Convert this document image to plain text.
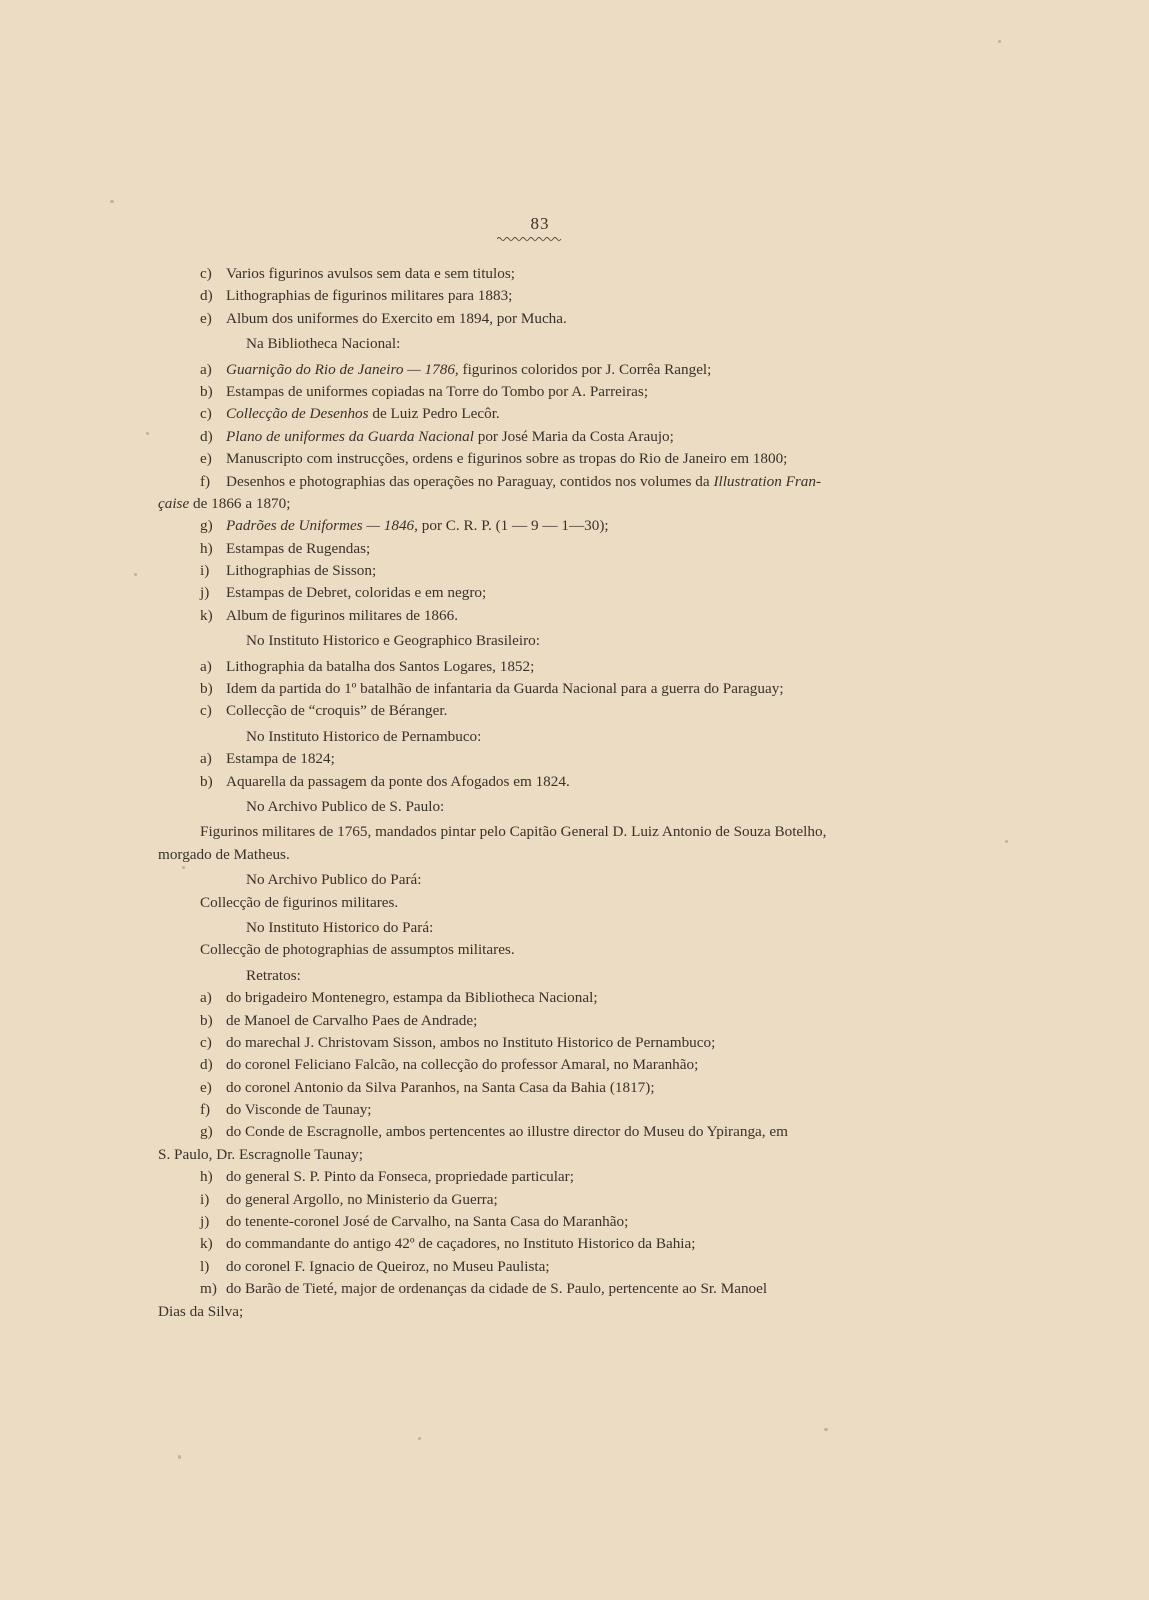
83
c) Varios figurinos avulsos sem data e sem titulos;
d) Lithographias de figurinos militares para 1883;
e) Album dos uniformes do Exercito em 1894, por Mucha.
Na Bibliotheca Nacional:
a) Guarnição do Rio de Janeiro — 1786, figurinos coloridos por J. Corrêa Rangel;
b) Estampas de uniformes copiadas na Torre do Tombo por A. Parreiras;
c) Collecção de Desenhos de Luiz Pedro Lecôr.
d) Plano de uniformes da Guarda Nacional por José Maria da Costa Araujo;
e) Manuscripto com instrucções, ordens e figurinos sobre as tropas do Rio de Janeiro em 1800;
f) Desenhos e photographias das operações no Paraguay, contidos nos volumes da Illustration Fran-
çaise de 1866 a 1870;
g) Padrões de Uniformes — 1846, por C. R. P. (1 — 9 — 1—30);
h) Estampas de Rugendas;
i) Lithographias de Sisson;
j) Estampas de Debret, coloridas e em negro;
k) Album de figurinos militares de 1866.
No Instituto Historico e Geographico Brasileiro:
a) Lithographia da batalha dos Santos Logares, 1852;
b) Idem da partida do 1º batalhão de infantaria da Guarda Nacional para a guerra do Paraguay;
c) Collecção de “croquis” de Béranger.
No Instituto Historico de Pernambuco:
a) Estampa de 1824;
b) Aquarella da passagem da ponte dos Afogados em 1824.
No Archivo Publico de S. Paulo:
Figurinos militares de 1765, mandados pintar pelo Capitão General D. Luiz Antonio de Souza Botelho,
morgado de Matheus.
No Archivo Publico do Pará:
Collecção de figurinos militares.
No Instituto Historico do Pará:
Collecção de photographias de assumptos militares.
Retratos:
a) do brigadeiro Montenegro, estampa da Bibliotheca Nacional;
b) de Manoel de Carvalho Paes de Andrade;
c) do marechal J. Christovam Sisson, ambos no Instituto Historico de Pernambuco;
d) do coronel Feliciano Falcão, na collecção do professor Amaral, no Maranhão;
e) do coronel Antonio da Silva Paranhos, na Santa Casa da Bahia (1817);
f) do Visconde de Taunay;
g) do Conde de Escragnolle, ambos pertencentes ao illustre director do Museu do Ypiranga, em
S. Paulo, Dr. Escragnolle Taunay;
h) do general S. P. Pinto da Fonseca, propriedade particular;
i) do general Argollo, no Ministerio da Guerra;
j) do tenente-coronel José de Carvalho, na Santa Casa do Maranhão;
k) do commandante do antigo 42º de caçadores, no Instituto Historico da Bahia;
l) do coronel F. Ignacio de Queiroz, no Museu Paulista;
m) do Barão de Tieté, major de ordenanças da cidade de S. Paulo, pertencente ao Sr. Manoel
Dias da Silva;
